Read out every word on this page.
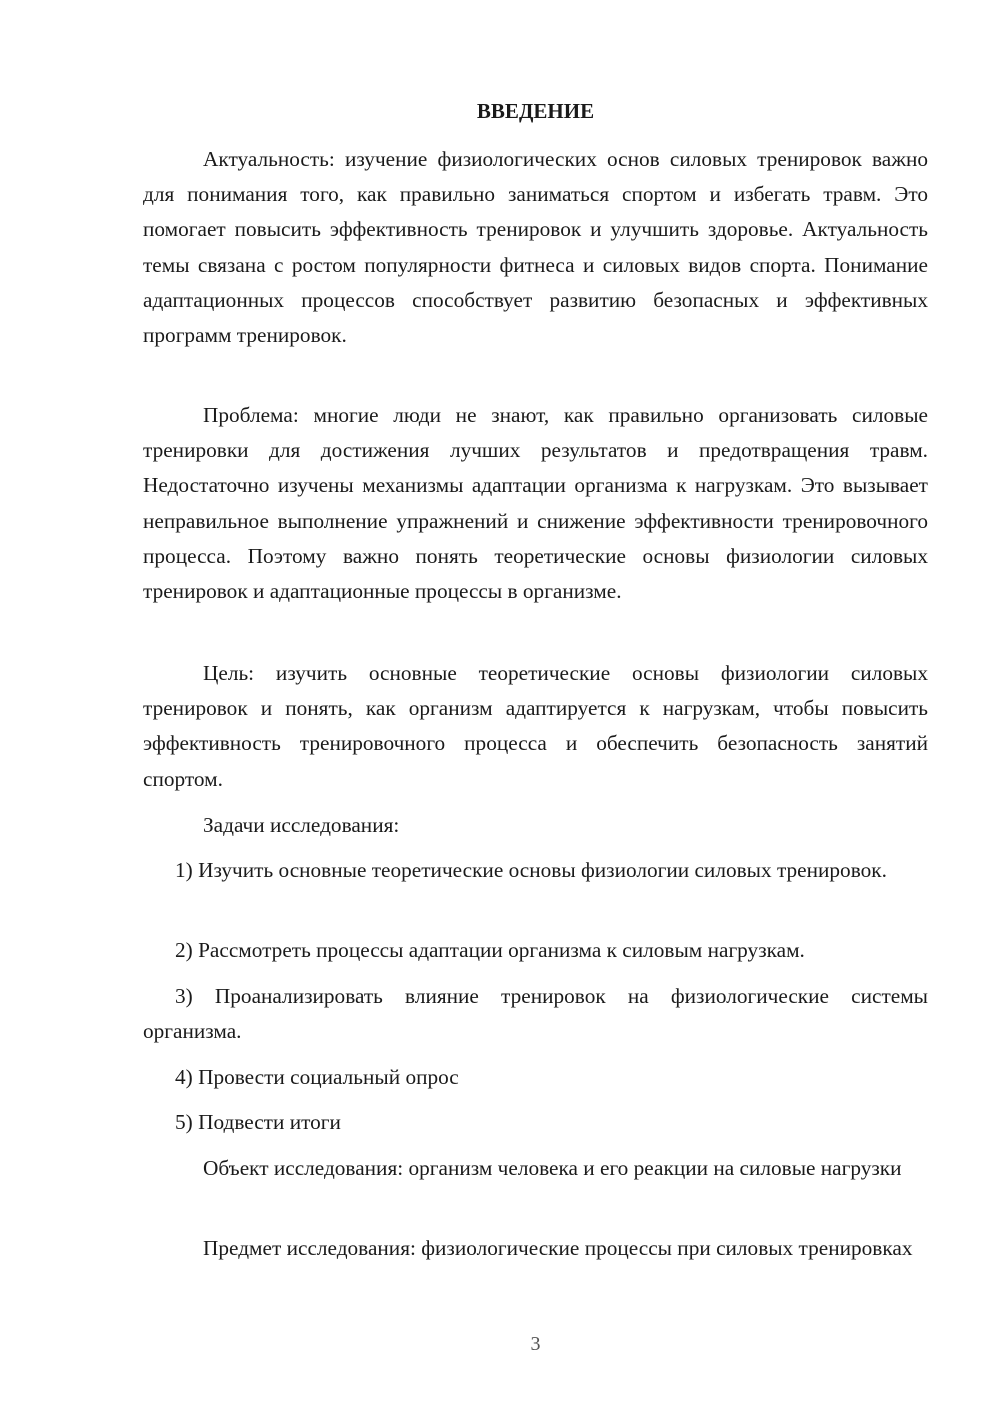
ВВЕДЕНИЕ

Актуальность: изучение физиологических основ силовых тренировок важно для понимания того, как правильно заниматься спортом и избегать травм. Это помогает повысить эффективность тренировок и улучшить здоровье. Актуальность темы связана с ростом популярности фитнеса и силовых видов спорта. Понимание адаптационных процессов способствует развитию безопасных и эффективных программ тренировок.

Проблема: многие люди не знают, как правильно организовать силовые тренировки для достижения лучших результатов и предотвращения травм. Недостаточно изучены механизмы адаптации организма к нагрузкам. Это вызывает неправильное выполнение упражнений и снижение эффективности тренировочного процесса. Поэтому важно понять теоретические основы физиологии силовых тренировок и адаптационные процессы в организме.

Цель: изучить основные теоретические основы физиологии силовых тренировок и понять, как организм адаптируется к нагрузкам, чтобы повысить эффективность тренировочного процесса и обеспечить безопасность занятий спортом.

Задачи исследования:

1) Изучить основные теоретические основы физиологии силовых тренировок.

2) Рассмотреть процессы адаптации организма к силовым нагрузкам.

3) Проанализировать влияние тренировок на физиологические системы организма.

4) Провести социальный опрос

5) Подвести итоги

Объект исследования: организм человека и его реакции на силовые нагрузки

Предмет исследования: физиологические процессы при силовых тренировках

3
